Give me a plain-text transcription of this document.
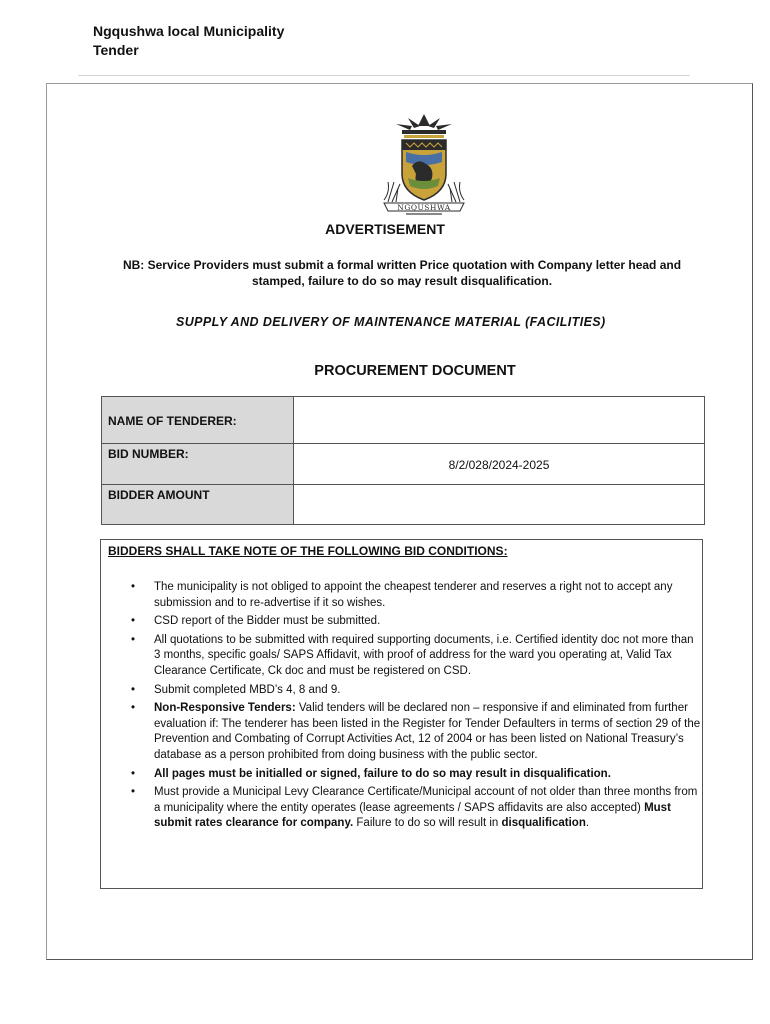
Ngqushwa local Municipality
Tender
NGQUSHWA
ADVERTISEMENT
NB: Service Providers must submit a formal written Price quotation with Company letter head and
stamped, failure to do so may result disqualification.
SUPPLY AND DELIVERY OF MAINTENANCE MATERIAL (FACILITIES)
PROCUREMENT DOCUMENT
NAME OF TENDERER:	

BID NUMBER:	8/2/028/2024-2025

BIDDER AMOUNT	

BIDDERS SHALL TAKE NOTE OF THE FOLLOWING BID CONDITIONS:
• The municipality is not obliged to appoint the cheapest tenderer and reserves a right not to accept any submission and to re-advertise if it so wishes.
• CSD report of the Bidder must be submitted.
• All quotations to be submitted with required supporting documents, i.e. Certified identity doc not more than 3 months, specific goals/ SAPS Affidavit, with proof of address for the ward you operating at, Valid Tax Clearance Certificate, Ck doc and must be registered on CSD.
• Submit completed MBD’s 4, 8 and 9.
• Non-Responsive Tenders: Valid tenders will be declared non – responsive if and eliminated from further evaluation if: The tenderer has been listed in the Register for Tender Defaulters in terms of section 29 of the Prevention and Combating of Corrupt Activities Act, 12 of 2004 or has been listed on National Treasury’s database as a person prohibited from doing business with the public sector.
• All pages must be initialled or signed, failure to do so may result in disqualification.
• Must provide a Municipal Levy Clearance Certificate/Municipal account of not older than three months from a municipality where the entity operates (lease agreements / SAPS affidavits are also accepted) Must submit rates clearance for company. Failure to do so will result in disqualification.
